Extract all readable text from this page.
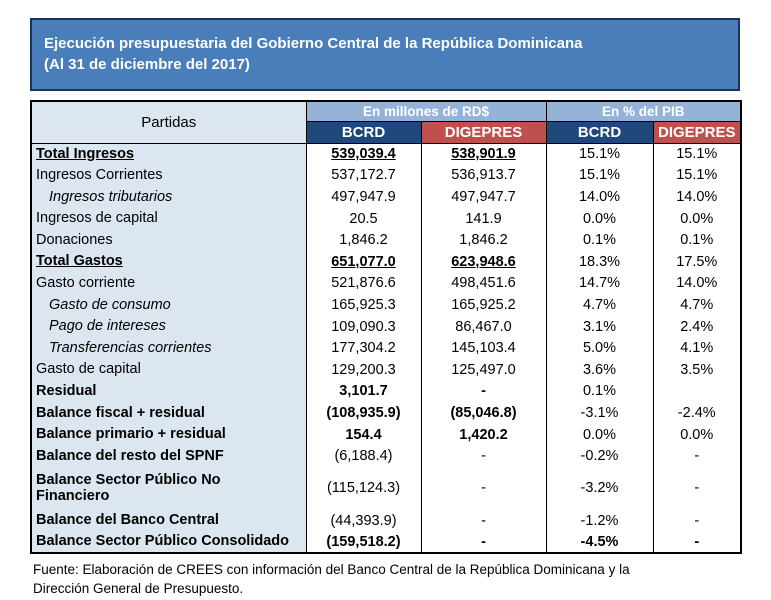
Ejecución presupuestaria del Gobierno Central de la República Dominicana
(Al 31 de diciembre del 2017)
Partidas	En millones de RD$		En % del PIB	
	BCRD	DIGEPRES	BCRD	DIGEPRES
Total Ingresos	539,039.4	538,901.9	15.1%	15.1%
Ingresos Corrientes	537,172.7	536,913.7	15.1%	15.1%
Ingresos tributarios	497,947.9	497,947.7	14.0%	14.0%
Ingresos de capital	20.5	141.9	0.0%	0.0%
Donaciones	1,846.2	1,846.2	0.1%	0.1%
Total Gastos	651,077.0	623,948.6	18.3%	17.5%
Gasto corriente	521,876.6	498,451.6	14.7%	14.0%
Gasto de consumo	165,925.3	165,925.2	4.7%	4.7%
Pago de intereses	109,090.3	86,467.0	3.1%	2.4%
Transferencias corrientes	177,304.2	145,103.4	5.0%	4.1%
Gasto de capital	129,200.3	125,497.0	3.6%	3.5%
Residual	3,101.7	-	0.1%	
Balance fiscal + residual	(108,935.9)	(85,046.8)	-3.1%	-2.4%
Balance primario + residual	154.4	1,420.2	0.0%	0.0%
Balance del resto del SPNF	(6,188.4)	-	-0.2%	-
Balance Sector Público No Financiero	(115,124.3)	-	-3.2%	-
Balance del Banco Central	(44,393.9)	-	-1.2%	-
Balance Sector Público Consolidado	(159,518.2)	-	-4.5%	-
Fuente: Elaboración de CREES con información del Banco Central de la República Dominicana y la Dirección General de Presupuesto.
